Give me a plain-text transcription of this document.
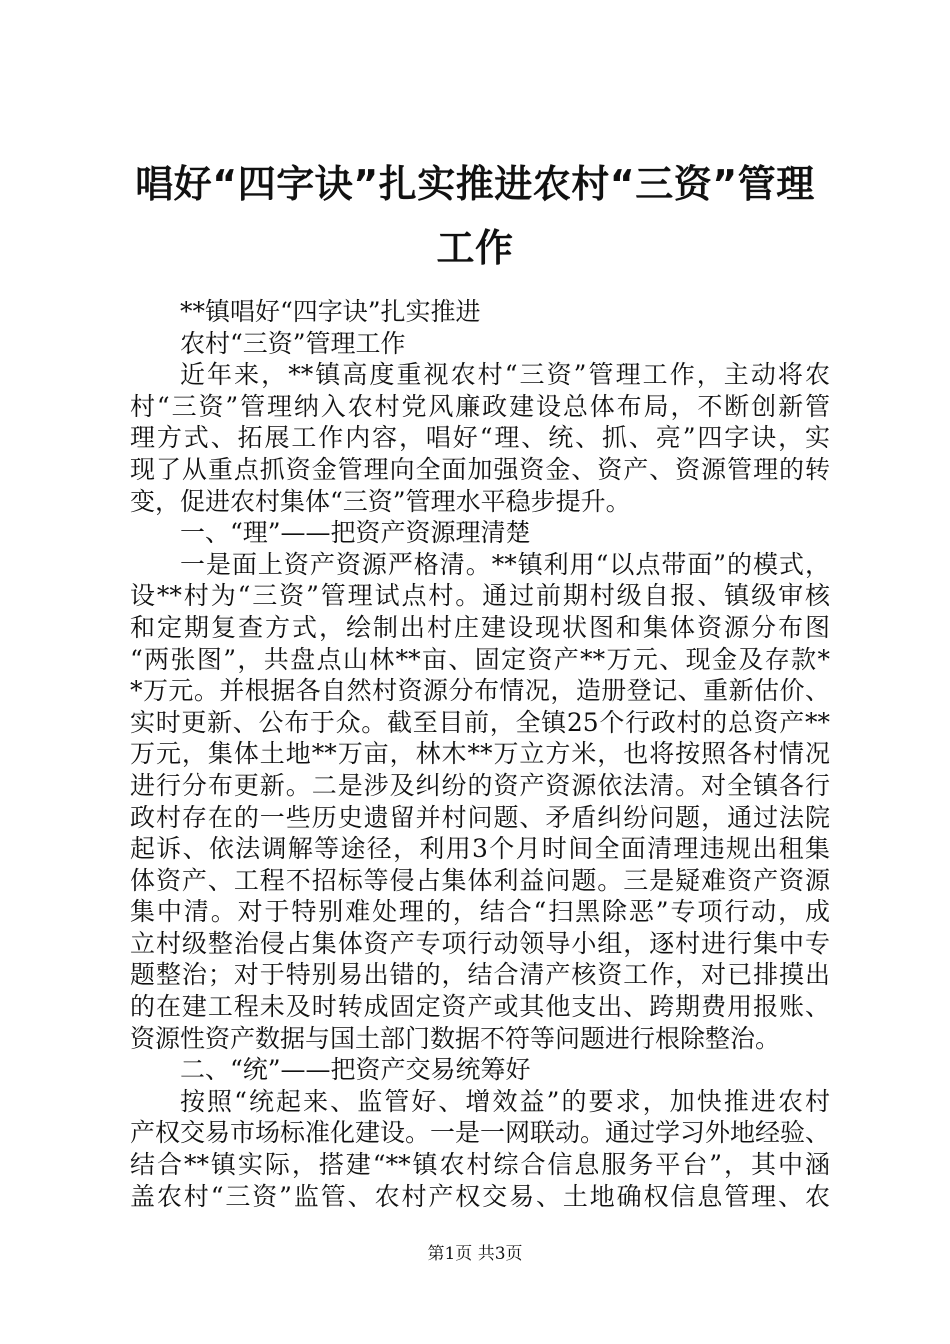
唱好“四字诀”扎实推进农村“三资”管理工作
**镇唱好“四字诀”扎实推进
农村“三资”管理工作
近年来，**镇高度重视农村“三资”管理工作，主动将农
村“三资”管理纳入农村党风廉政建设总体布局，不断创新管
理方式、拓展工作内容，唱好“理、统、抓、亮”四字诀，实
现了从重点抓资金管理向全面加强资金、资产、资源管理的转
变，促进农村集体“三资”管理水平稳步提升。
一、“理”——把资产资源理清楚
一是面上资产资源严格清。**镇利用“以点带面”的模式，
设**村为“三资”管理试点村。通过前期村级自报、镇级审核
和定期复查方式，绘制出村庄建设现状图和集体资源分布图
“两张图”，共盘点山林**亩、固定资产**万元、现金及存款*
*万元。并根据各自然村资源分布情况，造册登记、重新估价、
实时更新、公布于众。截至目前，全镇25个行政村的总资产**
万元，集体土地**万亩，林木**万立方米，也将按照各村情况
进行分布更新。二是涉及纠纷的资产资源依法清。对全镇各行
政村存在的一些历史遗留并村问题、矛盾纠纷问题，通过法院
起诉、依法调解等途径，利用3个月时间全面清理违规出租集
体资产、工程不招标等侵占集体利益问题。三是疑难资产资源
集中清。对于特别难处理的，结合“扫黑除恶”专项行动，成
立村级整治侵占集体资产专项行动领导小组，逐村进行集中专
题整治；对于特别易出错的，结合清产核资工作，对已排摸出
的在建工程未及时转成固定资产或其他支出、跨期费用报账、
资源性资产数据与国土部门数据不符等问题进行根除整治。
二、“统”——把资产交易统筹好
按照“统起来、监管好、增效益”的要求，加快推进农村
产权交易市场标准化建设。一是一网联动。通过学习外地经验、
结合**镇实际，搭建“**镇农村综合信息服务平台”，其中涵
盖农村“三资”监管、农村产权交易、土地确权信息管理、农
第1页 共3页
